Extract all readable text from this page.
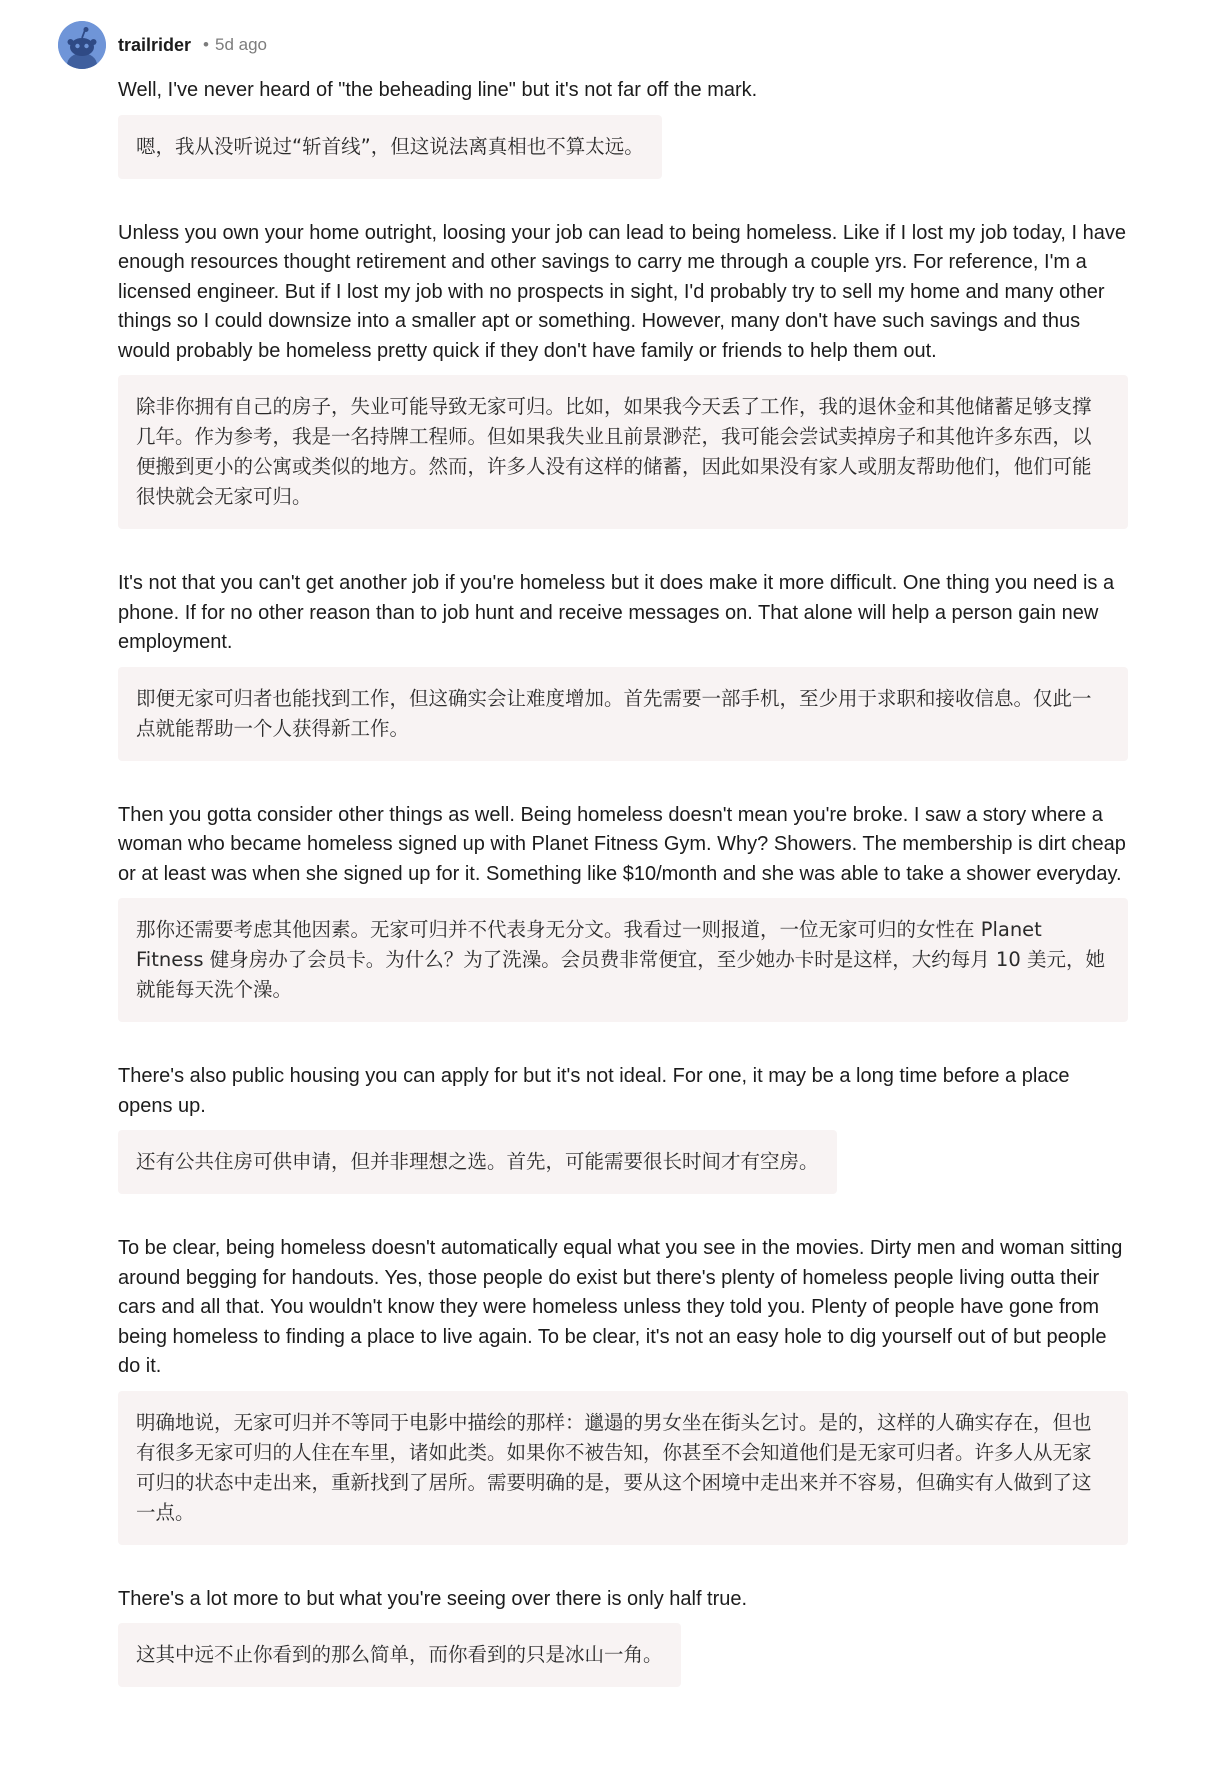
trailrider • 5d ago

Well, I've never heard of "the beheading line" but it's not far off the mark.

嗯，我从没听说过“斩首线”，但这说法离真相也不算太远。

Unless you own your home outright, loosing your job can lead to being homeless. Like if I lost my job today, I have enough resources thought retirement and other savings to carry me through a couple yrs. For reference, I'm a licensed engineer. But if I lost my job with no prospects in sight, I'd probably try to sell my home and many other things so I could downsize into a smaller apt or something. However, many don't have such savings and thus would probably be homeless pretty quick if they don't have family or friends to help them out.

除非你拥有自己的房子，失业可能导致无家可归。比如，如果我今天丢了工作，我的退休金和其他储蓄足够支撑几年。作为参考，我是一名持牌工程师。但如果我失业且前景渺茫，我可能会尝试卖掉房子和其他许多东西，以便搬到更小的公寓或类似的地方。然而，许多人没有这样的储蓄，因此如果没有家人或朋友帮助他们，他们可能很快就会无家可归。

It's not that you can't get another job if you're homeless but it does make it more difficult. One thing you need is a phone. If for no other reason than to job hunt and receive messages on. That alone will help a person gain new employment.

即便无家可归者也能找到工作，但这确实会让难度增加。首先需要一部手机，至少用于求职和接收信息。仅此一点就能帮助一个人获得新工作。

Then you gotta consider other things as well. Being homeless doesn't mean you're broke. I saw a story where a woman who became homeless signed up with Planet Fitness Gym. Why? Showers. The membership is dirt cheap or at least was when she signed up for it. Something like $10/month and she was able to take a shower everyday.

那你还需要考虑其他因素。无家可归并不代表身无分文。我看过一则报道，一位无家可归的女性在 Planet Fitness 健身房办了会员卡。为什么？为了洗澡。会员费非常便宜，至少她办卡时是这样，大约每月 10 美元，她就能每天洗个澡。

There's also public housing you can apply for but it's not ideal. For one, it may be a long time before a place opens up.

还有公共住房可供申请，但并非理想之选。首先，可能需要很长时间才有空房。

To be clear, being homeless doesn't automatically equal what you see in the movies. Dirty men and woman sitting around begging for handouts. Yes, those people do exist but there's plenty of homeless people living outta their cars and all that. You wouldn't know they were homeless unless they told you. Plenty of people have gone from being homeless to finding a place to live again. To be clear, it's not an easy hole to dig yourself out of but people do it.

明确地说，无家可归并不等同于电影中描绘的那样：邋遢的男女坐在街头乞讨。是的，这样的人确实存在，但也有很多无家可归的人住在车里，诸如此类。如果你不被告知，你甚至不会知道他们是无家可归者。许多人从无家可归的状态中走出来，重新找到了居所。需要明确的是，要从这个困境中走出来并不容易，但确实有人做到了这一点。

There's a lot more to but what you're seeing over there is only half true.

这其中远不止你看到的那么简单，而你看到的只是冰山一角。
